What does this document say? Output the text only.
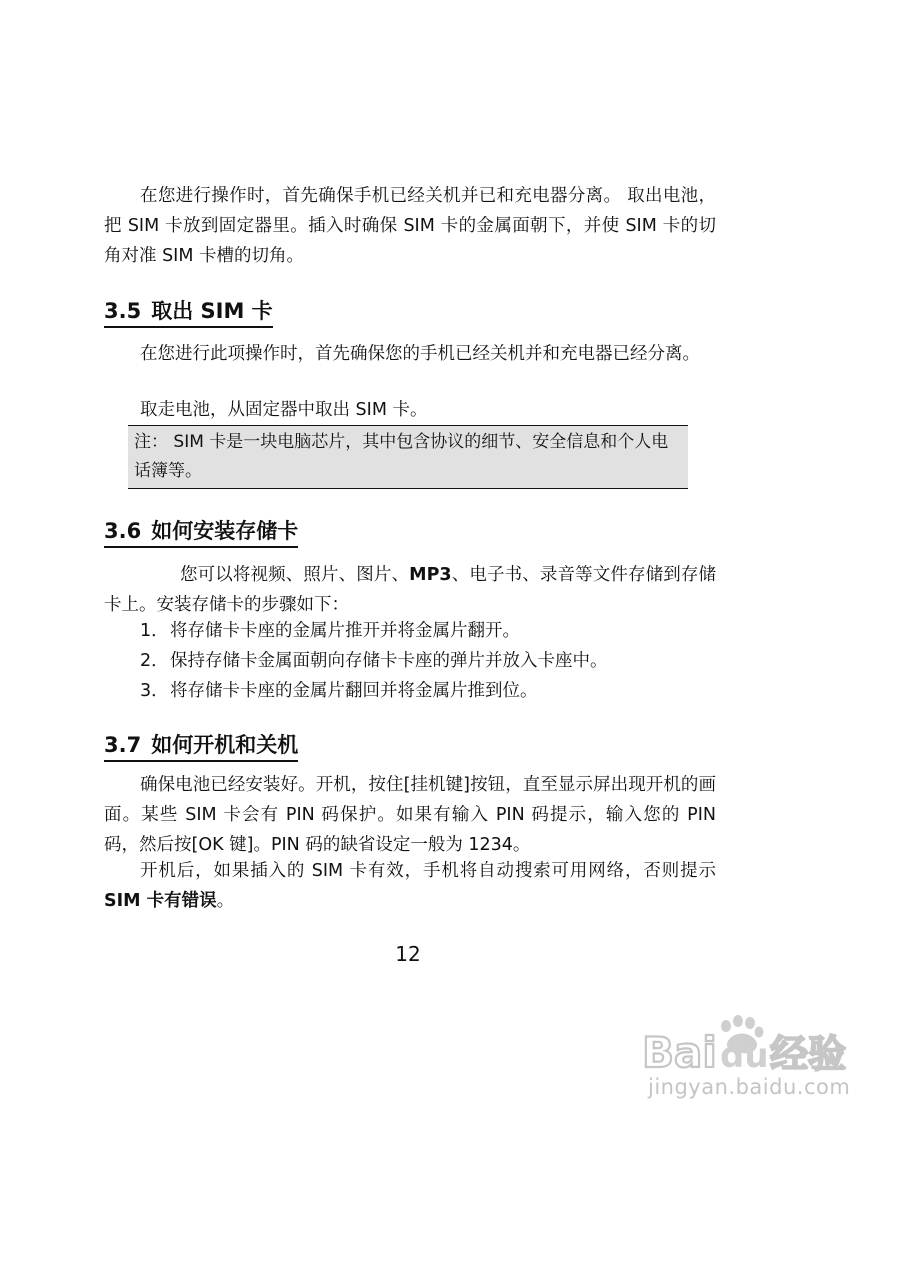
在您进行操作时，首先确保手机已经关机并已和充电器分离。 取出电池，把 SIM 卡放到固定器里。插入时确保 SIM 卡的金属面朝下，并使 SIM 卡的切角对准 SIM 卡槽的切角。

3.5 取出 SIM 卡

在您进行此项操作时，首先确保您的手机已经关机并和充电器已经分离。

取走电池，从固定器中取出 SIM 卡。

注： SIM 卡是一块电脑芯片，其中包含协议的细节、安全信息和个人电话簿等。
3.6 如何安装存储卡

您可以将视频、照片、图片、MP3、电子书、录音等文件存储到存储卡上。安装存储卡的步骤如下：

1．将存储卡卡座的金属片推开并将金属片翻开。
2．保持存储卡金属面朝向存储卡卡座的弹片并放入卡座中。
3．将存储卡卡座的金属片翻回并将金属片推到位。
3.7 如何开机和关机

确保电池已经安装好。开机，按住[挂机键]按钮，直至显示屏出现开机的画面。某些 SIM 卡会有 PIN 码保护。如果有输入 PIN 码提示，输入您的 PIN 码，然后按[OK 键]。PIN 码的缺省设定一般为 1234。

开机后，如果插入的 SIM 卡有效，手机将自动搜索可用网络，否则提示 SIM 卡有错误。

12
Bai du 经验
jingyan.baidu.com
